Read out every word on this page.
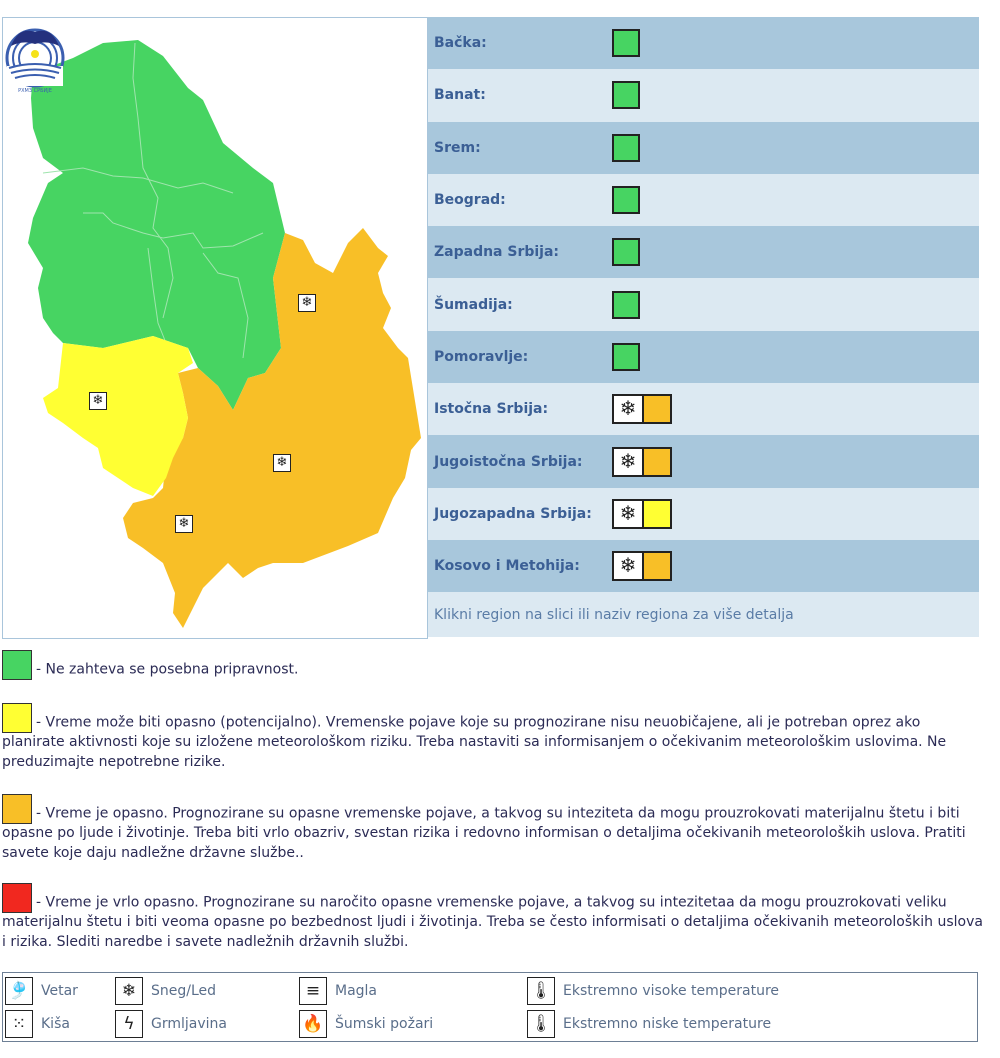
РХМЗ СРБИЈЕ
❄
❄
❄
❄
Bačka:
Banat:
Srem:
Beograd:
Zapadna Srbija:
Šumadija:
Pomoravlje:
Istočna Srbija:	❄
Jugoistočna Srbija:	❄
Jugozapadna Srbija:	❄
Kosovo i Metohija:	❄
Klikni region na slici ili naziv regiona za više detalja
- Ne zahteva se posebna pripravnost.
- Vreme može biti opasno (potencijalno). Vremenske pojave koje su prognozirane nisu neuobičajene, ali je potreban oprez ako planirate aktivnosti koje su izložene meteorološkom riziku. Treba nastaviti sa informisanjem o očekivanim meteorološkim uslovima. Ne preduzimajte nepotrebne rizike.
- Vreme je opasno. Prognozirane su opasne vremenske pojave, a takvog su inteziteta da mogu prouzrokovati materijalnu štetu i biti opasne po ljude i životinje. Treba biti vrlo obazriv, svestan rizika i redovno informisan o detaljima očekivanih meteoroloških uslova. Pratiti savete koje daju nadležne državne službe..
- Vreme je vrlo opasno. Prognozirane su naročito opasne vremenske pojave, a takvog su intezitetaa da mogu prouzrokovati veliku materijalnu štetu i biti veoma opasne po bezbednost ljudi i životinja. Treba se često informisati o detaljima očekivanih meteoroloških uslova i rizika. Slediti naredbe i savete nadležnih državnih službi.
🎐 Vetar
⁙	Kiša
❄	Sneg/Led
ϟ	Grmljavina
≡	Magla
🔥 Šumski požari
🌡 Ekstremno visoke temperature
🌡 Ekstremno niske temperature
